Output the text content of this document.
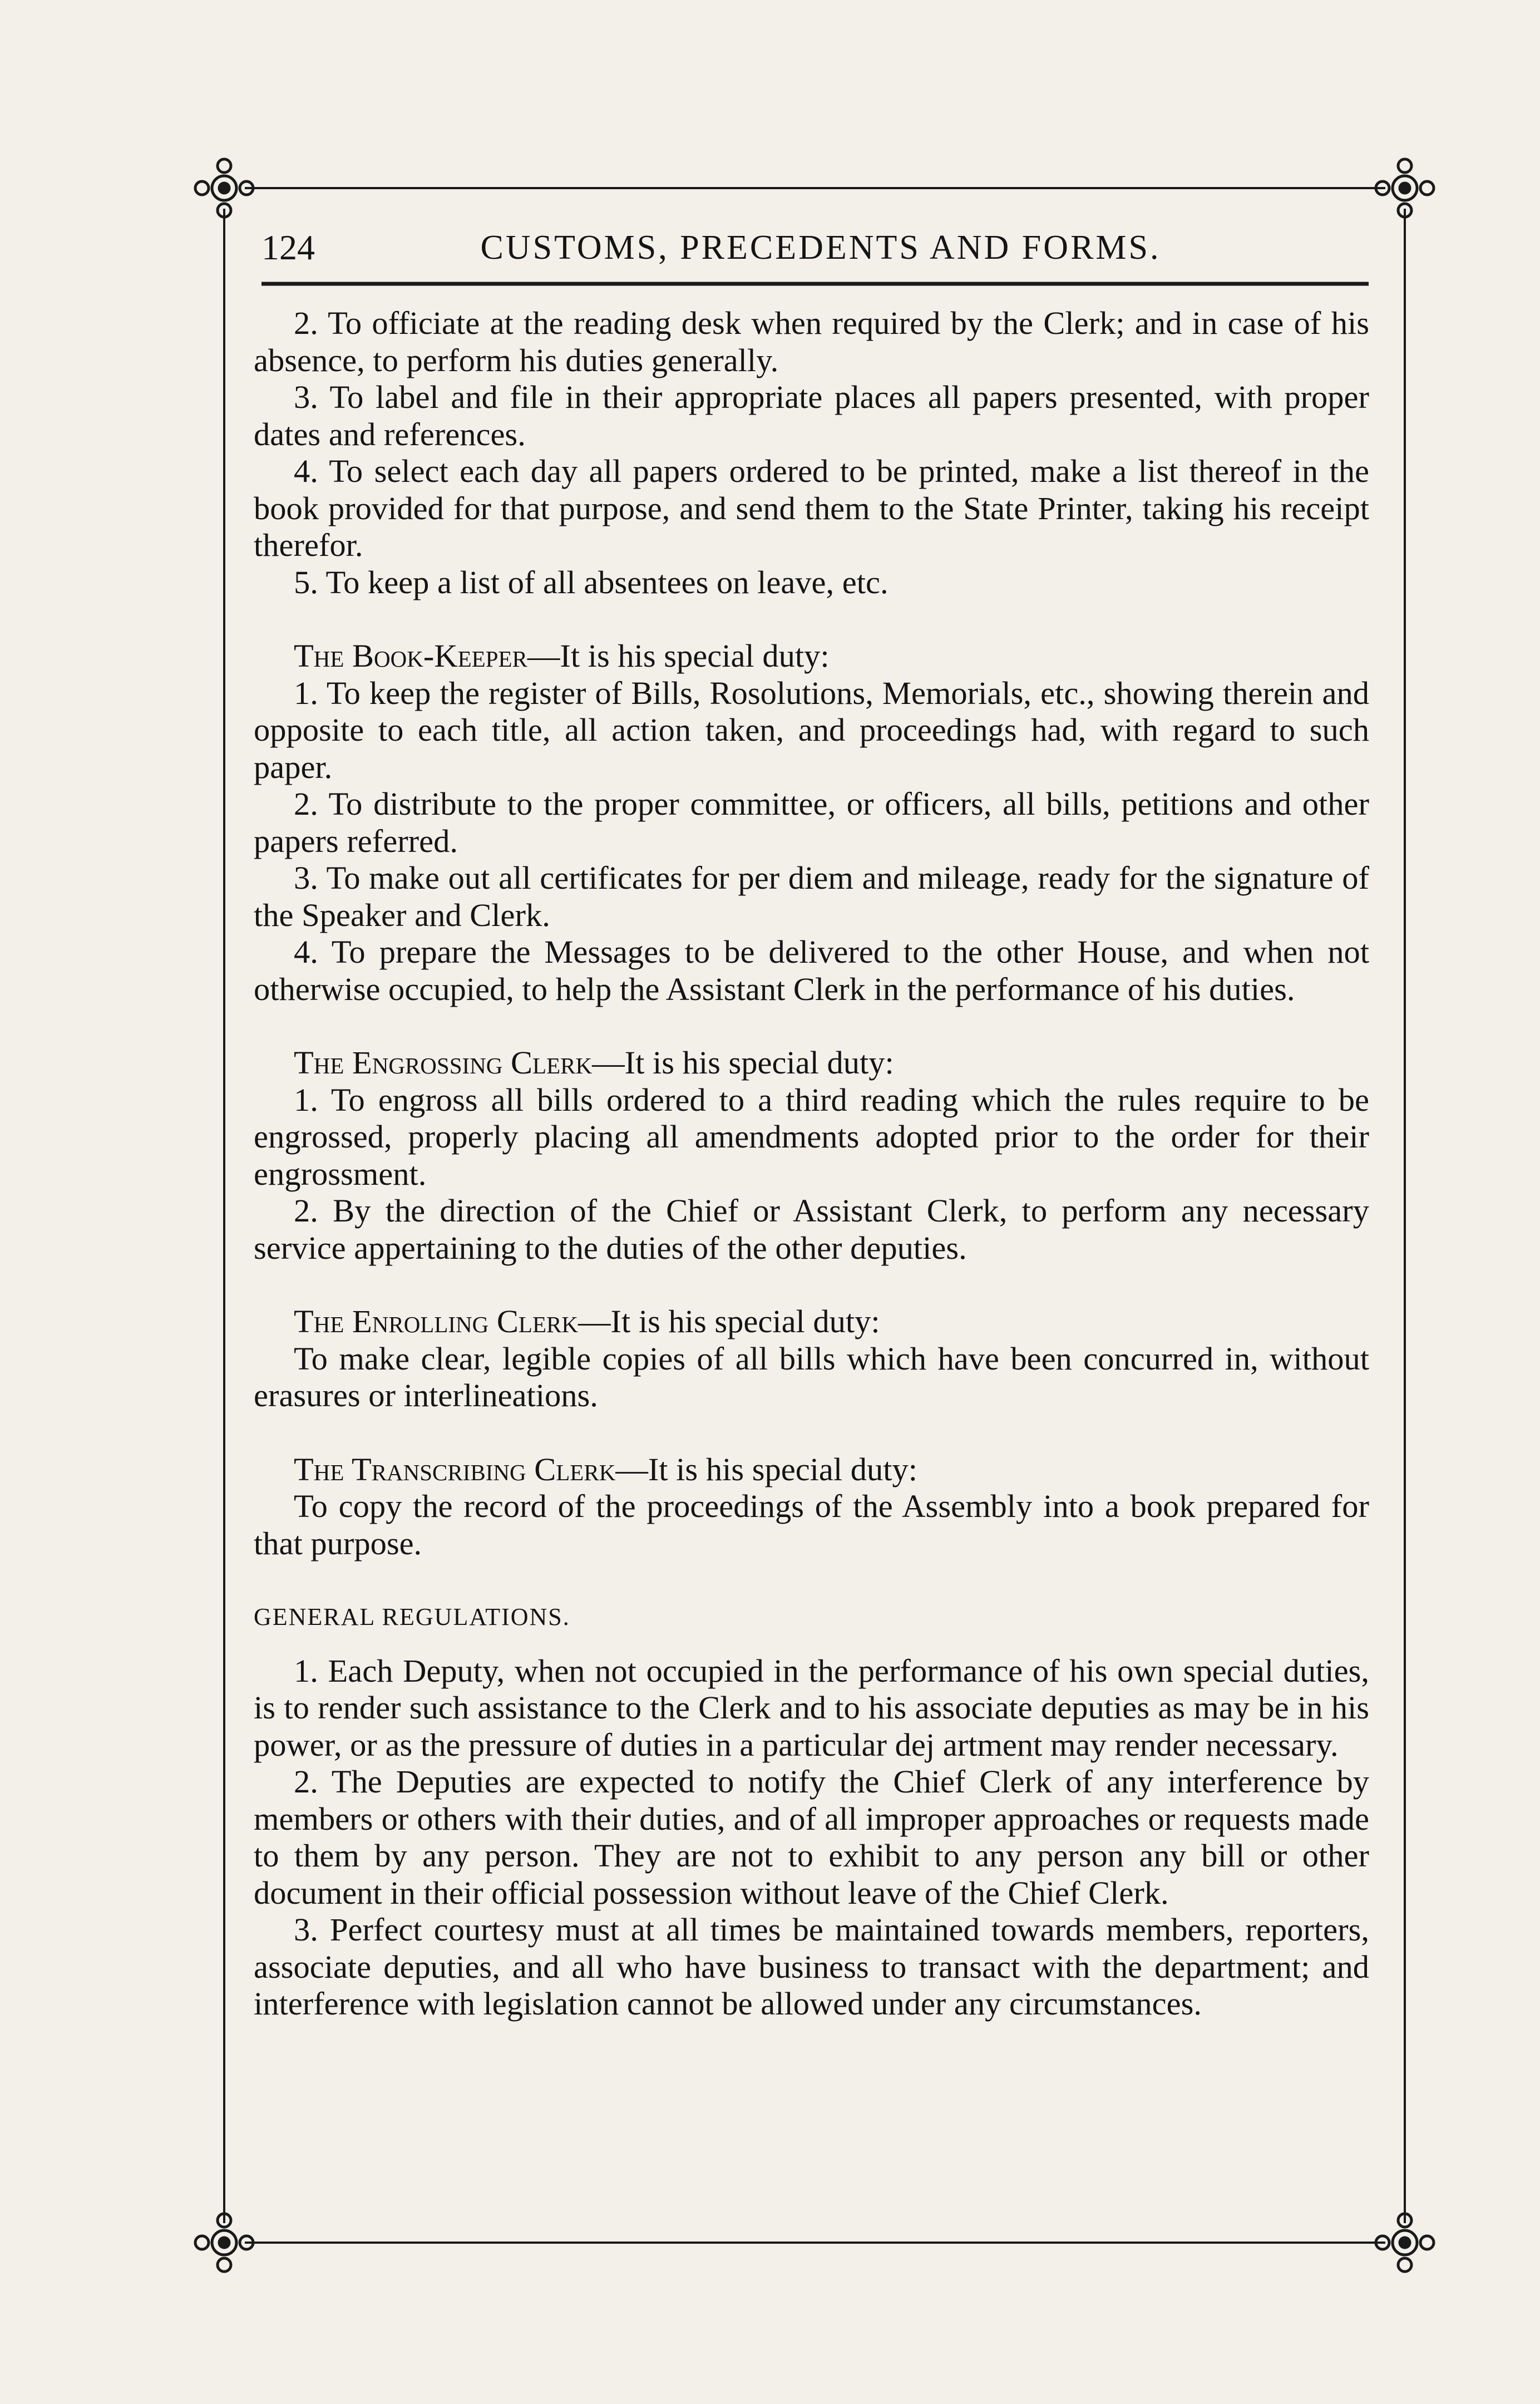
124	CUSTOMS, PRECEDENTS AND FORMS.

2. To officiate at the reading desk when required by the Clerk; and in case of his absence, to perform his duties generally.

3. To label and file in their appropriate places all papers presented, with proper dates and references.

4. To select each day all papers ordered to be printed, make a list thereof in the book provided for that purpose, and send them to the State Printer, taking his receipt therefor.

5. To keep a list of all absentees on leave, etc.

The Book-Keeper—It is his special duty:

1. To keep the register of Bills, Rosolutions, Memorials, etc., showing therein and opposite to each title, all action taken, and proceedings had, with regard to such paper.

2. To distribute to the proper committee, or officers, all bills, petitions and other papers referred.

3. To make out all certificates for per diem and mileage, ready for the signature of the Speaker and Clerk.

4. To prepare the Messages to be delivered to the other House, and when not otherwise occupied, to help the Assistant Clerk in the performance of his duties.

The Engrossing Clerk—It is his special duty:

1. To engross all bills ordered to a third reading which the rules require to be engrossed, properly placing all amendments adopted prior to the order for their engrossment.

2. By the direction of the Chief or Assistant Clerk, to perform any necessary service appertaining to the duties of the other deputies.

The Enrolling Clerk—It is his special duty:

To make clear, legible copies of all bills which have been concurred in, without erasures or interlineations.

The Transcribing Clerk—It is his special duty:

To copy the record of the proceedings of the Assembly into a book prepared for that purpose.

GENERAL REGULATIONS.

1. Each Deputy, when not occupied in the performance of his own special duties, is to render such assistance to the Clerk and to his associate deputies as may be in his power, or as the pressure of duties in a particular dej artment may render necessary.

2. The Deputies are expected to notify the Chief Clerk of any interference by members or others with their duties, and of all improper approaches or requests made to them by any person. They are not to exhibit to any person any bill or other document in their official possession without leave of the Chief Clerk.

3. Perfect courtesy must at all times be maintained towards members, reporters, associate deputies, and all who have business to transact with the department; and interference with legislation cannot be allowed under any circumstances.
